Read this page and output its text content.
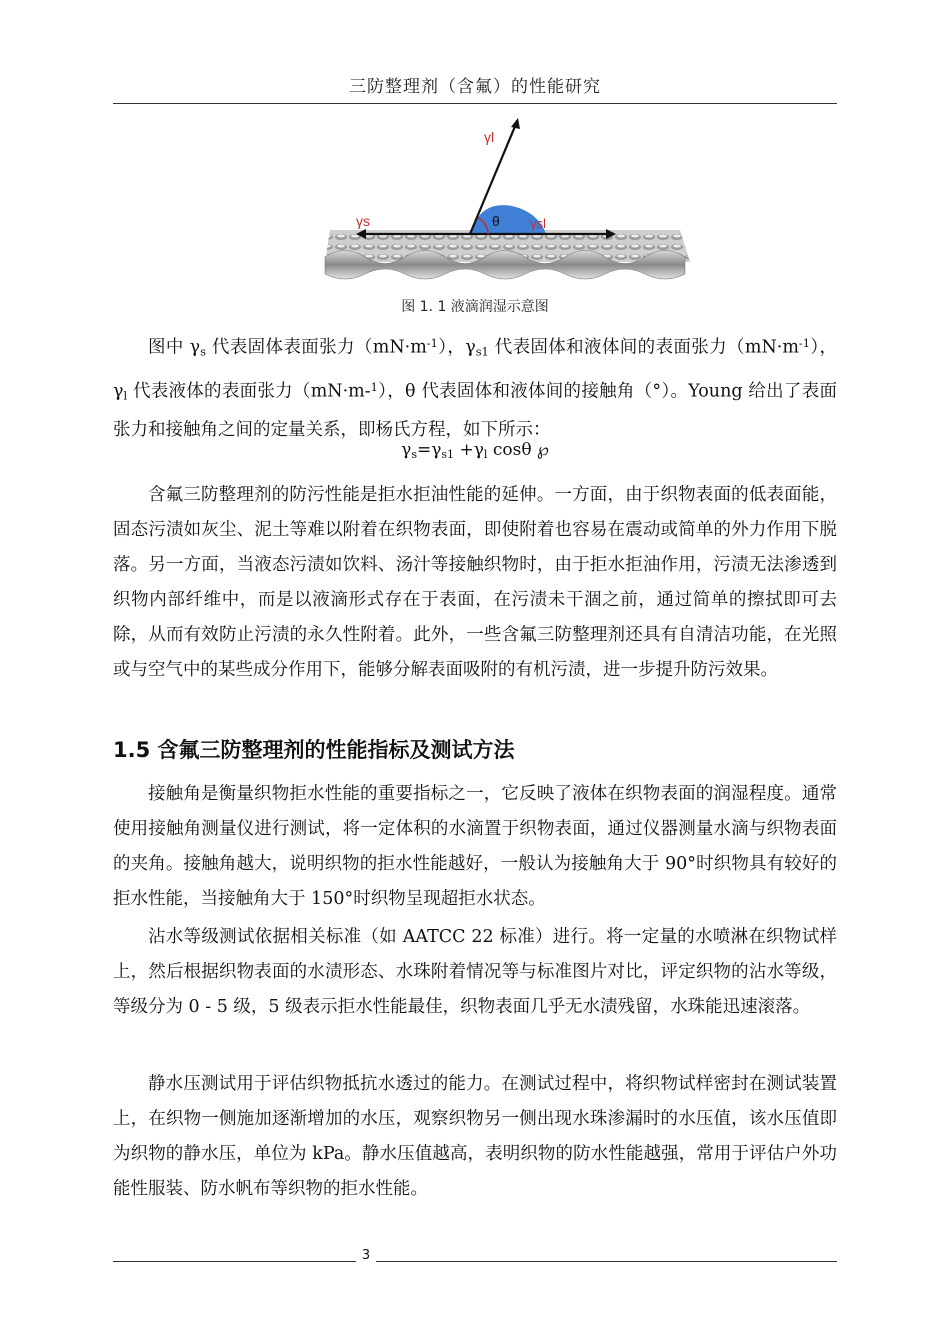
三防整理剂（含氟）的性能研究
γl
γs	γsl
θ
图 1. 1 液滴润湿示意图

图中 $\gamma_s$ 代表固体表面张力$(mN\cdot m^{-1})$，$\gamma_{s1}$ 代表固体和液体间的表面张力$(mN\cdot m^{-1})$，$\gamma_l$ 代表液体的表面张力（mN·m-$^1$），θ 代表固体和液体间的接触角（°）。Young 给出了表面张力和接触角之间的定量关系，即杨氏方程，如下所示：

$\gamma_s=\gamma_{s1} +\gamma_l$ cosθ ℘

含氟三防整理剂的防污性能是拒水拒油性能的延伸。一方面，由于织物表面的低表面能，固态污渍如灰尘、泥土等难以附着在织物表面，即使附着也容易在震动或简单的外力作用下脱落。另一方面，当液态污渍如饮料、汤汁等接触织物时，由于拒水拒油作用，污渍无法渗透到织物内部纤维中，而是以液滴形式存在于表面，在污渍未干涸之前，通过简单的擦拭即可去除，从而有效防止污渍的永久性附着。此外，一些含氟三防整理剂还具有自清洁功能，在光照或与空气中的某些成分作用下，能够分解表面吸附的有机污渍，进一步提升防污效果。

1.5 含氟三防整理剂的性能指标及测试方法

接触角是衡量织物拒水性能的重要指标之一，它反映了液体在织物表面的润湿程度。通常使用接触角测量仪进行测试，将一定体积的水滴置于织物表面，通过仪器测量水滴与织物表面的夹角。接触角越大，说明织物的拒水性能越好，一般认为接触角大于 90°时织物具有较好的拒水性能，当接触角大于 150°时织物呈现超拒水状态。

沾水等级测试依据相关标准（如 AATCC 22 标准）进行。将一定量的水喷淋在织物试样上，然后根据织物表面的水渍形态、水珠附着情况等与标准图片对比，评定织物的沾水等级，等级分为 0 - 5 级，5 级表示拒水性能最佳，织物表面几乎无水渍残留，水珠能迅速滚落。

静水压测试用于评估织物抵抗水透过的能力。在测试过程中，将织物试样密封在测试装置上，在织物一侧施加逐渐增加的水压，观察织物另一侧出现水珠渗漏时的水压值，该水压值即为织物的静水压，单位为 kPa。静水压值越高，表明织物的防水性能越强，常用于评估户外功能性服装、防水帆布等织物的拒水性能。

3
